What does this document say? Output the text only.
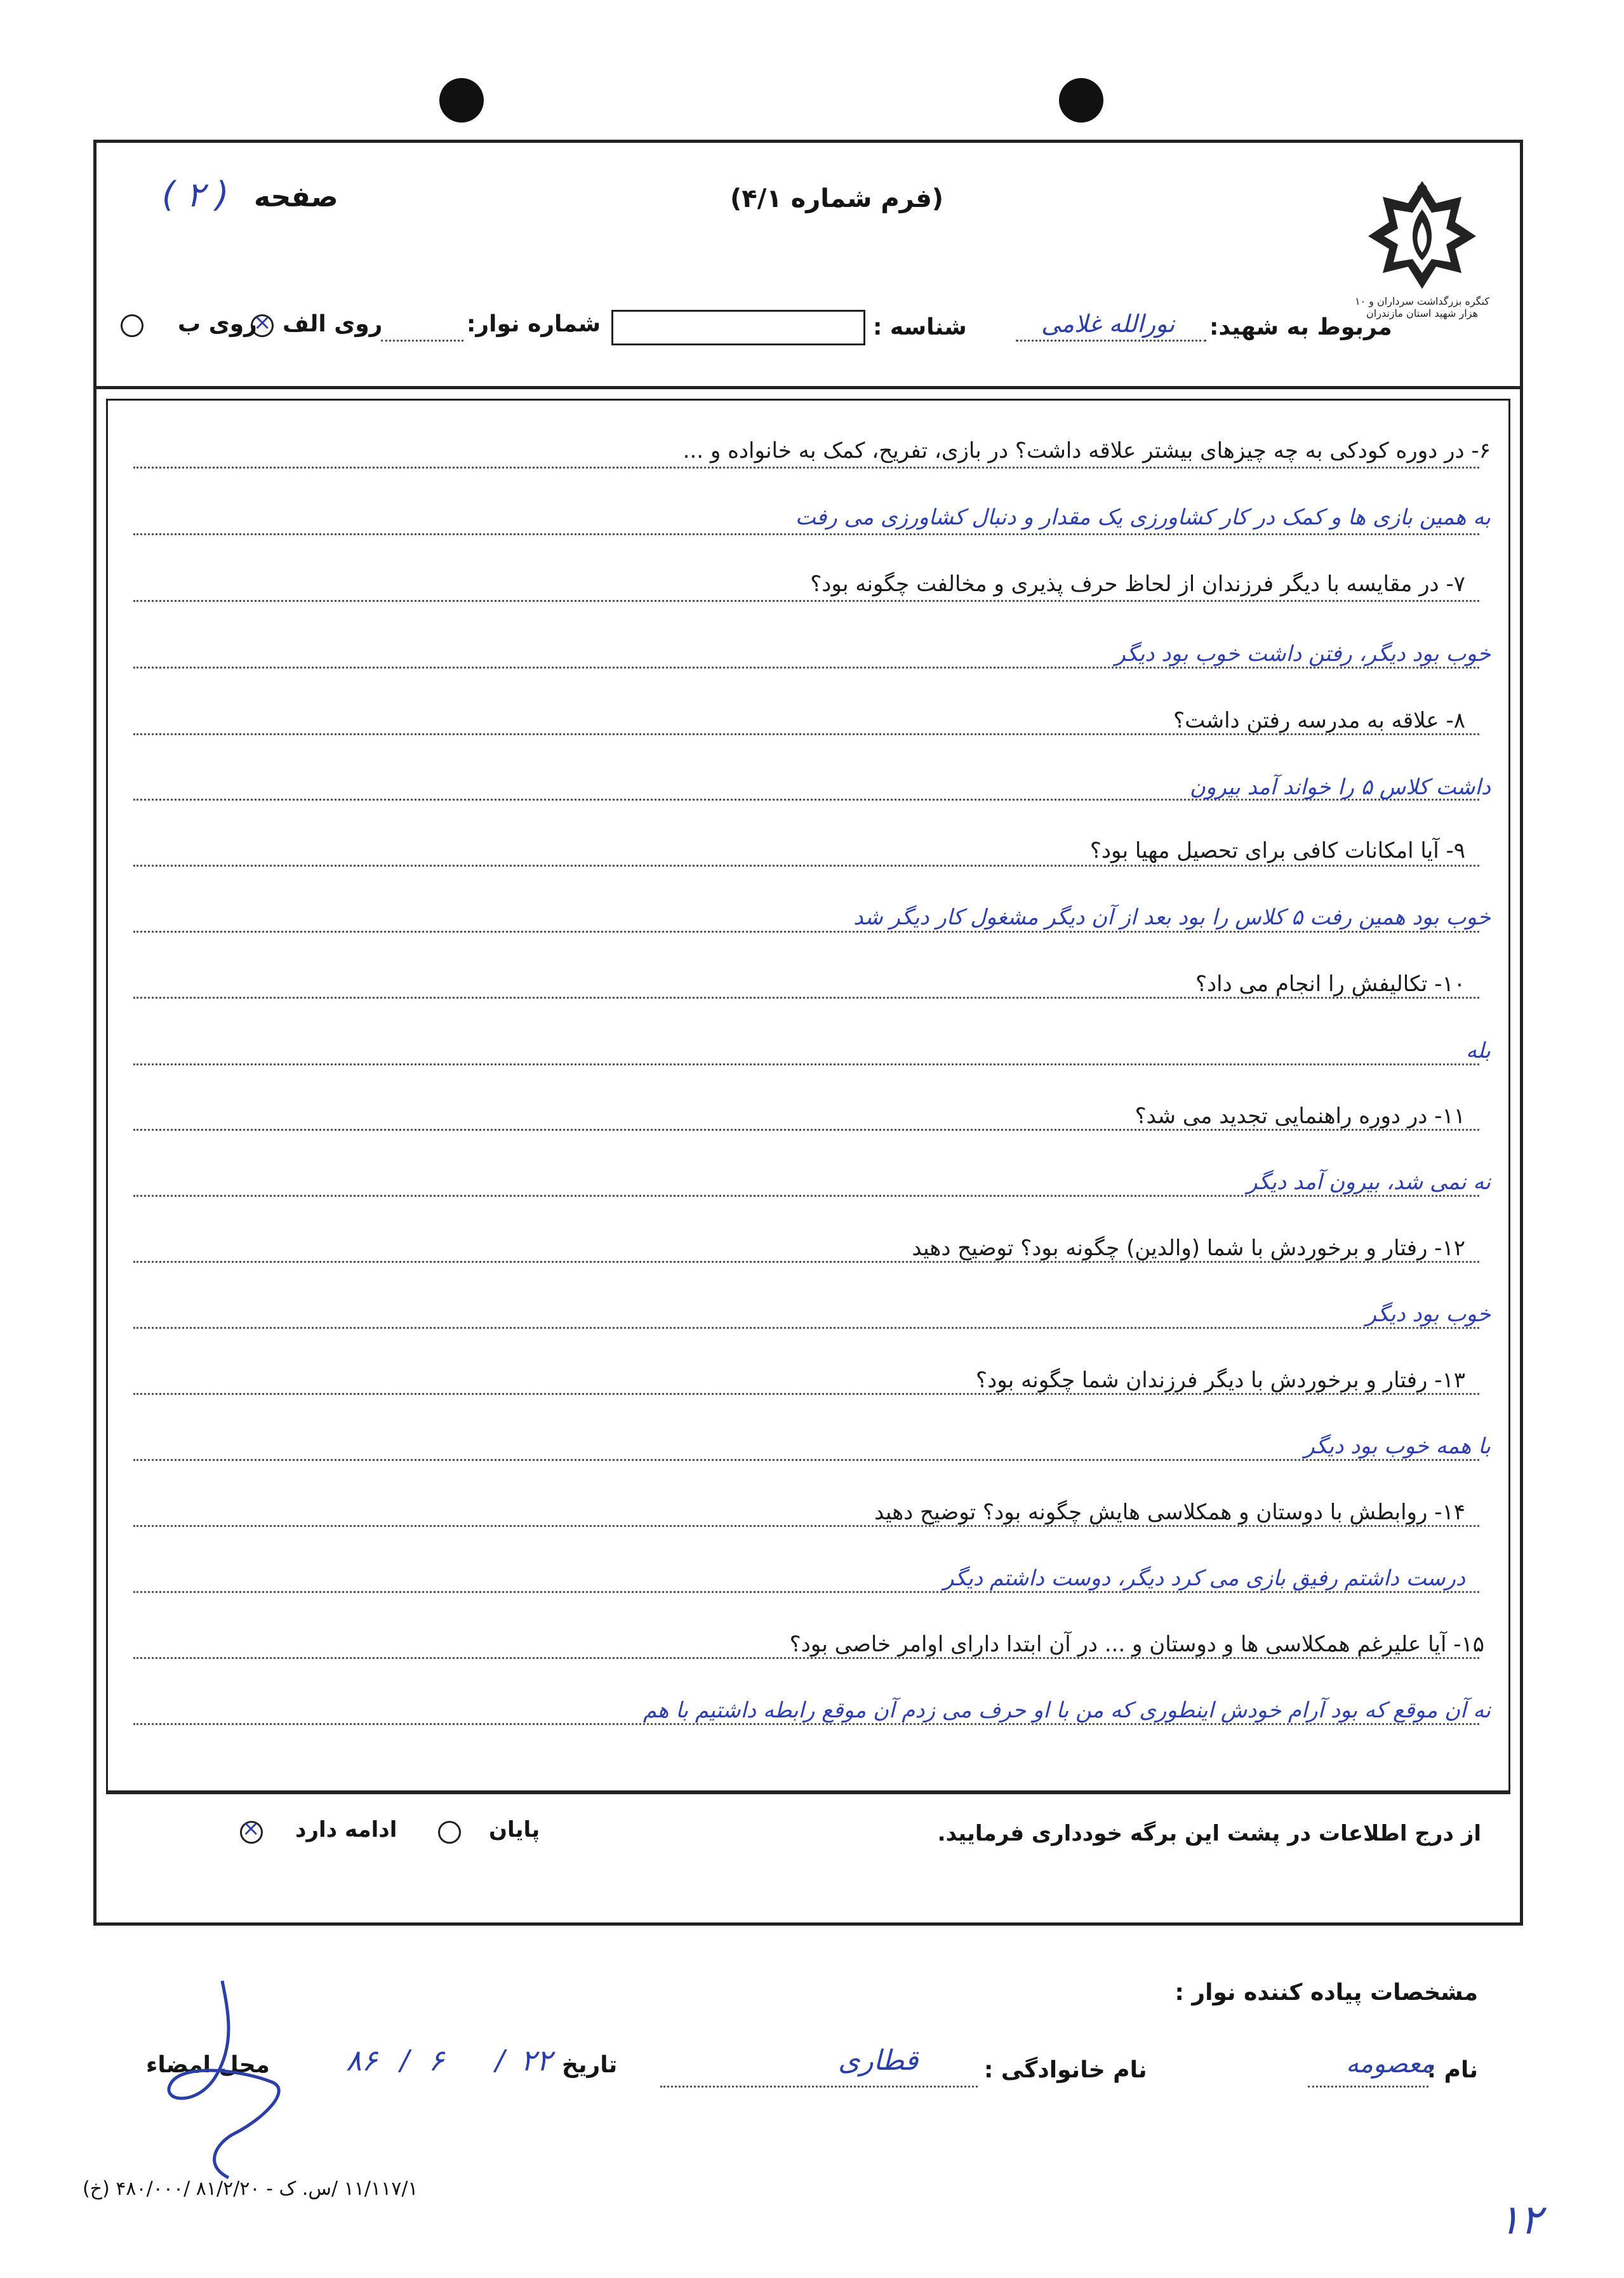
صفحه
( ۲ )	(فرم شماره ۴/۱)
کنگره بزرگداشت سرداران و ۱۰ هزار شهید استان مازندران
مربوط به شهید:
نورالله غلامی
شناسه :
شماره نوار:
روی الف
×
روی ب
۶- در دوره کودکی به چه چیزهای بیشتر علاقه داشت؟ در بازی، تفریح، کمک به خانواده و ...
به همین بازی ها و کمک در کار کشاورزی یک مقدار و دنبال کشاورزی می رفت
۷- در مقایسه با دیگر فرزندان از لحاظ حرف پذیری و مخالفت چگونه بود؟
خوب بود دیگر، رفتن داشت خوب بود دیگر
۸- علاقه به مدرسه رفتن داشت؟
داشت کلاس ۵ را خواند آمد بیرون
۹- آیا امکانات کافی برای تحصیل مهیا بود؟
خوب بود همین رفت ۵ کلاس را بود بعد از آن دیگر مشغول کار دیگر شد
۱۰- تکالیفش را انجام می داد؟
بله
۱۱- در دوره راهنمایی تجدید می شد؟
نه نمی شد، بیرون آمد دیگر
۱۲- رفتار و برخوردش با شما (والدین) چگونه بود؟ توضیح دهید
خوب بود دیگر
۱۳- رفتار و برخوردش با دیگر فرزندان شما چگونه بود؟
با همه خوب بود دیگر
۱۴- روابطش با دوستان و همکلاسی هایش چگونه بود؟ توضیح دهید
درست داشتم رفیق بازی می کرد دیگر، دوست داشتم دیگر
۱۵- آیا علیرغم همکلاسی ها و دوستان و ... در آن ابتدا دارای اوامر خاصی بود؟
نه آن موقع که بود آرام خودش اینطوری که من با او حرف می زدم آن موقع رابطه داشتیم با هم
از درج اطلاعات در پشت این برگه خودداری فرمایید.
پایان
ادامه دارد
×
مشخصات پیاده کننده نوار :
نام :
معصومه
نام خانوادگی :
قطاری
تاریخ
۲۲
/
۶
/
۸۶
محل امضاء
۱۱/۱۱۷/۱ /س. ک - ۸۱/۲/۲۰ /۴۸۰/۰۰۰ (خ)
۱۲
